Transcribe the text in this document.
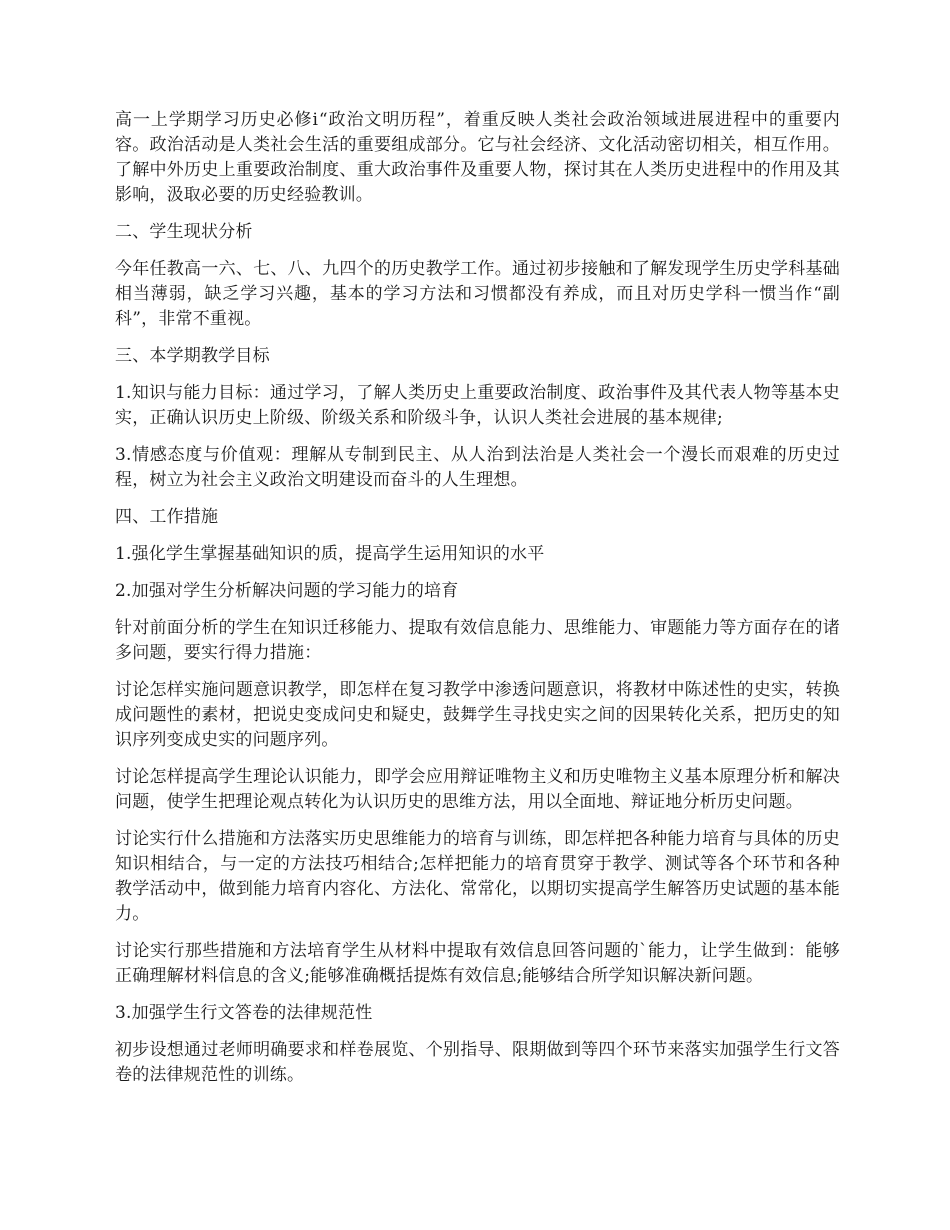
高一上学期学习历史必修ⅰ“政治文明历程”，着重反映人类社会政治领域进展进程中的重要内容。政治活动是人类社会生活的重要组成部分。它与社会经济、文化活动密切相关，相互作用。了解中外历史上重要政治制度、重大政治事件及重要人物，探讨其在人类历史进程中的作用及其影响，汲取必要的历史经验教训。

二、学生现状分析

今年任教高一六、七、八、九四个的历史教学工作。通过初步接触和了解发现学生历史学科基础相当薄弱，缺乏学习兴趣，基本的学习方法和习惯都没有养成，而且对历史学科一惯当作“副科”，非常不重视。

三、本学期教学目标

1.知识与能力目标：通过学习，了解人类历史上重要政治制度、政治事件及其代表人物等基本史实，正确认识历史上阶级、阶级关系和阶级斗争，认识人类社会进展的基本规律;

3.情感态度与价值观：理解从专制到民主、从人治到法治是人类社会一个漫长而艰难的历史过程，树立为社会主义政治文明建设而奋斗的人生理想。

四、工作措施

1.强化学生掌握基础知识的质，提高学生运用知识的水平

2.加强对学生分析解决问题的学习能力的培育

针对前面分析的学生在知识迁移能力、提取有效信息能力、思维能力、审题能力等方面存在的诸多问题，要实行得力措施：

讨论怎样实施问题意识教学，即怎样在复习教学中渗透问题意识，将教材中陈述性的史实，转换成问题性的素材，把说史变成问史和疑史，鼓舞学生寻找史实之间的因果转化关系，把历史的知识序列变成史实的问题序列。

讨论怎样提高学生理论认识能力，即学会应用辩证唯物主义和历史唯物主义基本原理分析和解决问题，使学生把理论观点转化为认识历史的思维方法，用以全面地、辩证地分析历史问题。

讨论实行什么措施和方法落实历史思维能力的培育与训练，即怎样把各种能力培育与具体的历史知识相结合，与一定的方法技巧相结合;怎样把能力的培育贯穿于教学、测试等各个环节和各种教学活动中，做到能力培育内容化、方法化、常常化，以期切实提高学生解答历史试题的基本能力。

讨论实行那些措施和方法培育学生从材料中提取有效信息回答问题的`能力，让学生做到：能够正确理解材料信息的含义;能够准确概括提炼有效信息;能够结合所学知识解决新问题。

3.加强学生行文答卷的法律规范性

初步设想通过老师明确要求和样卷展览、个别指导、限期做到等四个环节来落实加强学生行文答卷的法律规范性的训练。
